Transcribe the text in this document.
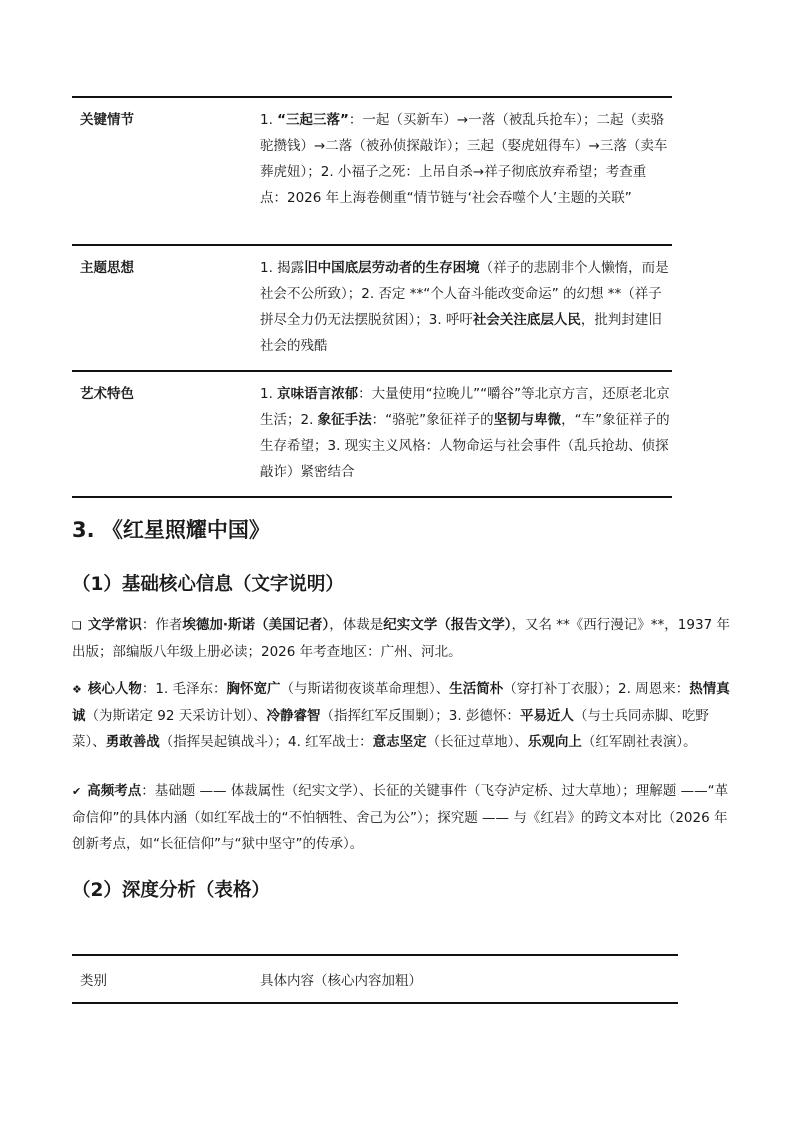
关键情节	1. “三起三落”：一起（买新车）→一落（被乱兵抢车）；二起（卖骆驼攒钱）→二落（被孙侦探敲诈）；三起（娶虎妞得车）→三落（卖车葬虎妞）；2. 小福子之死：上吊自杀→祥子彻底放弃希望；考查重点：2026 年上海卷侧重“情节链与‘社会吞噬个人’主题的关联”
主题思想	1. 揭露旧中国底层劳动者的生存困境（祥子的悲剧非个人懒惰，而是社会不公所致）；2. 否定 **“个人奋斗能改变命运” 的幻想 **（祥子拼尽全力仍无法摆脱贫困）；3. 呼吁社会关注底层人民，批判封建旧社会的残酷
艺术特色	1. 京味语言浓郁：大量使用“拉晚儿”“嚼谷”等北京方言，还原老北京生活；2. 象征手法：“骆驼”象征祥子的坚韧与卑微，“车”象征祥子的生存希望；3. 现实主义风格：人物命运与社会事件（乱兵抢劫、侦探敲诈）紧密结合
3. 《红星照耀中国》
（1）基础核心信息（文字说明）
❏ 文学常识：作者埃德加·斯诺（美国记者），体裁是纪实文学（报告文学），又名 **《西行漫记》**，1937 年出版；部编版八年级上册必读；2026 年考查地区：广州、河北。
❖ 核心人物：1. 毛泽东：胸怀宽广（与斯诺彻夜谈革命理想）、生活简朴（穿打补丁衣服）；2. 周恩来：热情真诚（为斯诺定 92 天采访计划）、冷静睿智（指挥红军反围剿）；3. 彭德怀：平易近人（与士兵同赤脚、吃野菜）、勇敢善战（指挥吴起镇战斗）；4. 红军战士：意志坚定（长征过草地）、乐观向上（红军剧社表演）。
✔ 高频考点：基础题 —— 体裁属性（纪实文学）、长征的关键事件（飞夺泸定桥、过大草地）；理解题 ——“革命信仰”的具体内涵（如红军战士的“不怕牺牲、舍己为公”）；探究题 —— 与《红岩》的跨文本对比（2026 年创新考点，如“长征信仰”与“狱中坚守”的传承）。
（2）深度分析（表格）
类别	具体内容（核心内容加粗）
